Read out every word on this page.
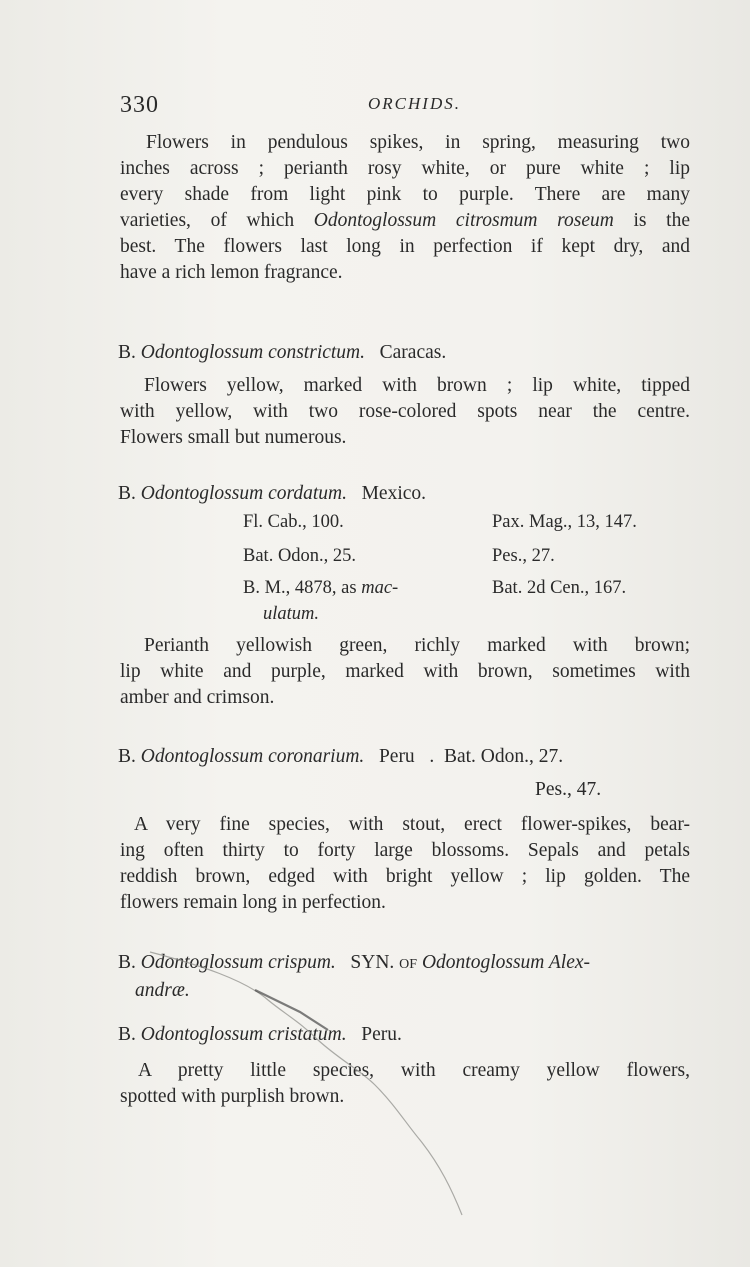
330	ORCHIDS.

Flowers in pendulous spikes, in spring, measuring two
inches across ; perianth rosy white, or pure white ; lip
every shade from light pink to purple. There are many
varieties, of which Odontoglossum citrosmum roseum is the
best. The flowers last long in perfection if kept dry, and
have a rich lemon fragrance.

B. Odontoglossum constrictum. Caracas.

Flowers yellow, marked with brown ; lip white, tipped
with yellow, with two rose-colored spots near the centre.
Flowers small but numerous.

B. Odontoglossum cordatum. Mexico.

Fl. Cab., 100.
Bat. Odon., 25.
B. M., 4878, as mac-
ulatum.
Pax. Mag., 13, 147.
Pes., 27.
Bat. 2d Cen., 167.

Perianth yellowish green, richly marked with brown;
lip white and purple, marked with brown, sometimes with
amber and crimson.

B. Odontoglossum coronarium. Peru . Bat. Odon., 27.

Pes., 47.

A very fine species, with stout, erect flower-spikes, bear-
ing often thirty to forty large blossoms. Sepals and petals
reddish brown, edged with bright yellow ; lip golden. The
flowers remain long in perfection.

B. Odontoglossum crispum. SYN. of Odontoglossum Alex-

andræ.

B. Odontoglossum cristatum. Peru.

A pretty little species, with creamy yellow flowers,
spotted with purplish brown.
